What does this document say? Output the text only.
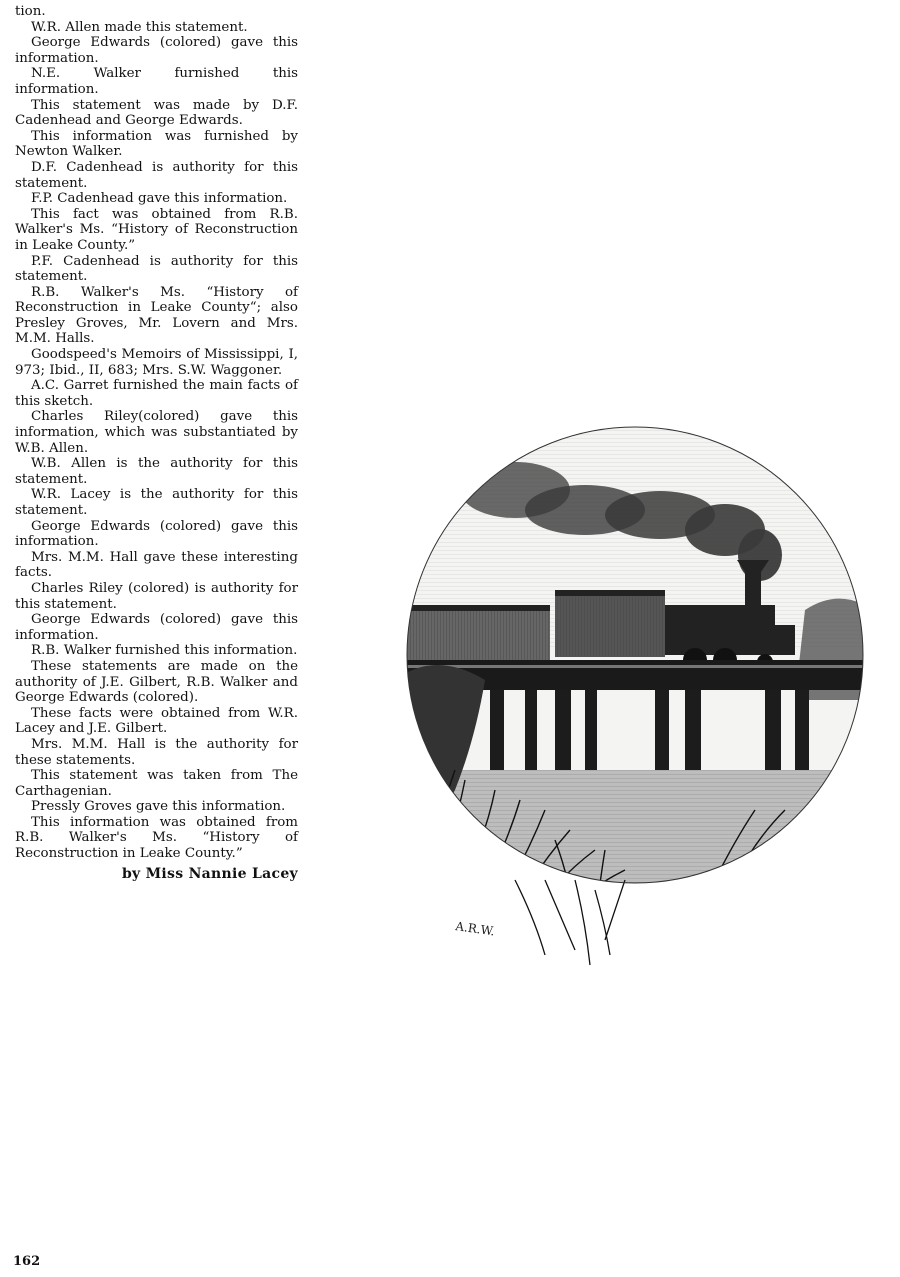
tion.

W.R. Allen made this statement.

George Edwards (colored) gave this information.

N.E. Walker furnished this information.

This statement was made by D.F. Cadenhead and George Edwards.

This information was furnished by Newton Walker.

D.F. Cadenhead is authority for this statement.

F.P. Cadenhead gave this information.

This fact was obtained from R.B. Walker's Ms. “History of Reconstruction in Leake County.”

P.F. Cadenhead is authority for this statement.

R.B. Walker's Ms. “History of Reconstruction in Leake County“; also Presley Groves, Mr. Lovern and Mrs. M.M. Halls.

Goodspeed's Memoirs of Mississippi, I, 973; Ibid., II, 683; Mrs. S.W. Waggoner.

A.C. Garret furnished the main facts of this sketch.

Charles Riley(colored) gave this information, which was substantiated by W.B. Allen.

W.B. Allen is the authority for this statement.

W.R. Lacey is the authority for this statement.

George Edwards (colored) gave this information.

Mrs. M.M. Hall gave these interesting facts.

Charles Riley (colored) is authority for this statement.

George Edwards (colored) gave this information.

R.B. Walker furnished this information.

These statements are made on the authority of J.E. Gilbert, R.B. Walker and George Edwards (colored).

These facts were obtained from W.R. Lacey and J.E. Gilbert.

Mrs. M.M. Hall is the authority for these statements.

This statement was taken from The Carthagenian.

Pressly Groves gave this information.

This information was obtained from R.B. Walker's Ms. “History of Reconstruction in Leake County.”

by Miss Nannie Lacey

A.R.W.
162
